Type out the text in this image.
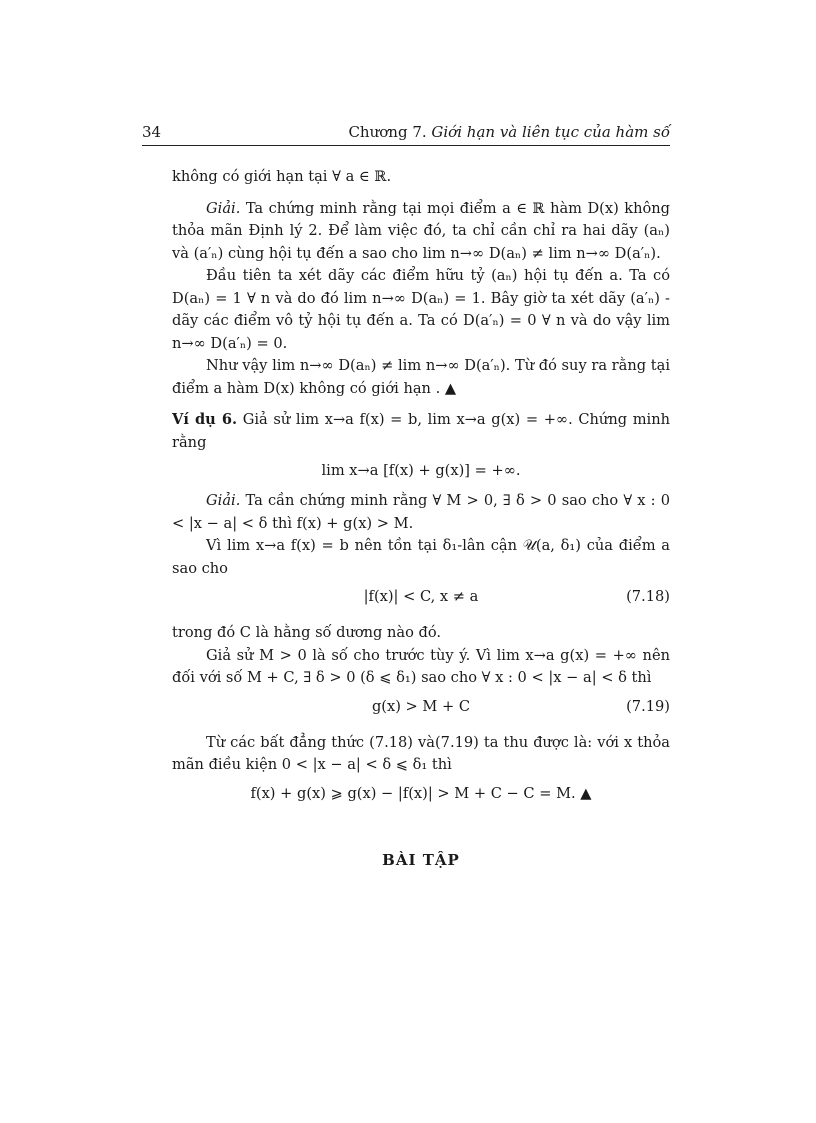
34	Chương 7. Giới hạn và liên tục của hàm số

không có giới hạn tại ∀ a ∈ ℝ.

Giải. Ta chứng minh rằng tại mọi điểm a ∈ ℝ hàm D(x) không thỏa mãn Định lý 2. Để làm việc đó, ta chỉ cần chỉ ra hai dãy (aₙ) và (a′ₙ) cùng hội tụ đến a sao cho lim n→∞ D(aₙ) ≠ lim n→∞ D(a′ₙ).

Đầu tiên ta xét dãy các điểm hữu tỷ (aₙ) hội tụ đến a. Ta có D(aₙ) = 1 ∀ n và do đó lim n→∞ D(aₙ) = 1. Bây giờ ta xét dãy (a′ₙ) - dãy các điểm vô tỷ hội tụ đến a. Ta có D(a′ₙ) = 0 ∀ n và do vậy lim n→∞ D(a′ₙ) = 0.

Như vậy lim n→∞ D(aₙ) ≠ lim n→∞ D(a′ₙ). Từ đó suy ra rằng tại điểm a hàm D(x) không có giới hạn . ▲

Ví dụ 6. Giả sử lim x→a f(x) = b, lim x→a g(x) = +∞. Chứng minh rằng

lim x→a [f(x) + g(x)] = +∞.

Giải. Ta cần chứng minh rằng ∀ M > 0, ∃ δ > 0 sao cho ∀ x : 0 < |x − a| < δ thì f(x) + g(x) > M.

Vì lim x→a f(x) = b nên tồn tại δ₁-lân cận 𝒰(a, δ₁) của điểm a sao cho

|f(x)| < C, x ≠ a	(7.18)

trong đó C là hằng số dương nào đó.

Giả sử M > 0 là số cho trước tùy ý. Vì lim x→a g(x) = +∞ nên đối với số M + C, ∃ δ > 0 (δ ⩽ δ₁) sao cho ∀ x : 0 < |x − a| < δ thì

g(x) > M + C	(7.19)

Từ các bất đẳng thức (7.18) và(7.19) ta thu được là: với x thỏa mãn điều kiện 0 < |x − a| < δ ⩽ δ₁ thì

f(x) + g(x) ⩾ g(x) − |f(x)| > M + C − C = M. ▲
BÀI TẬP
